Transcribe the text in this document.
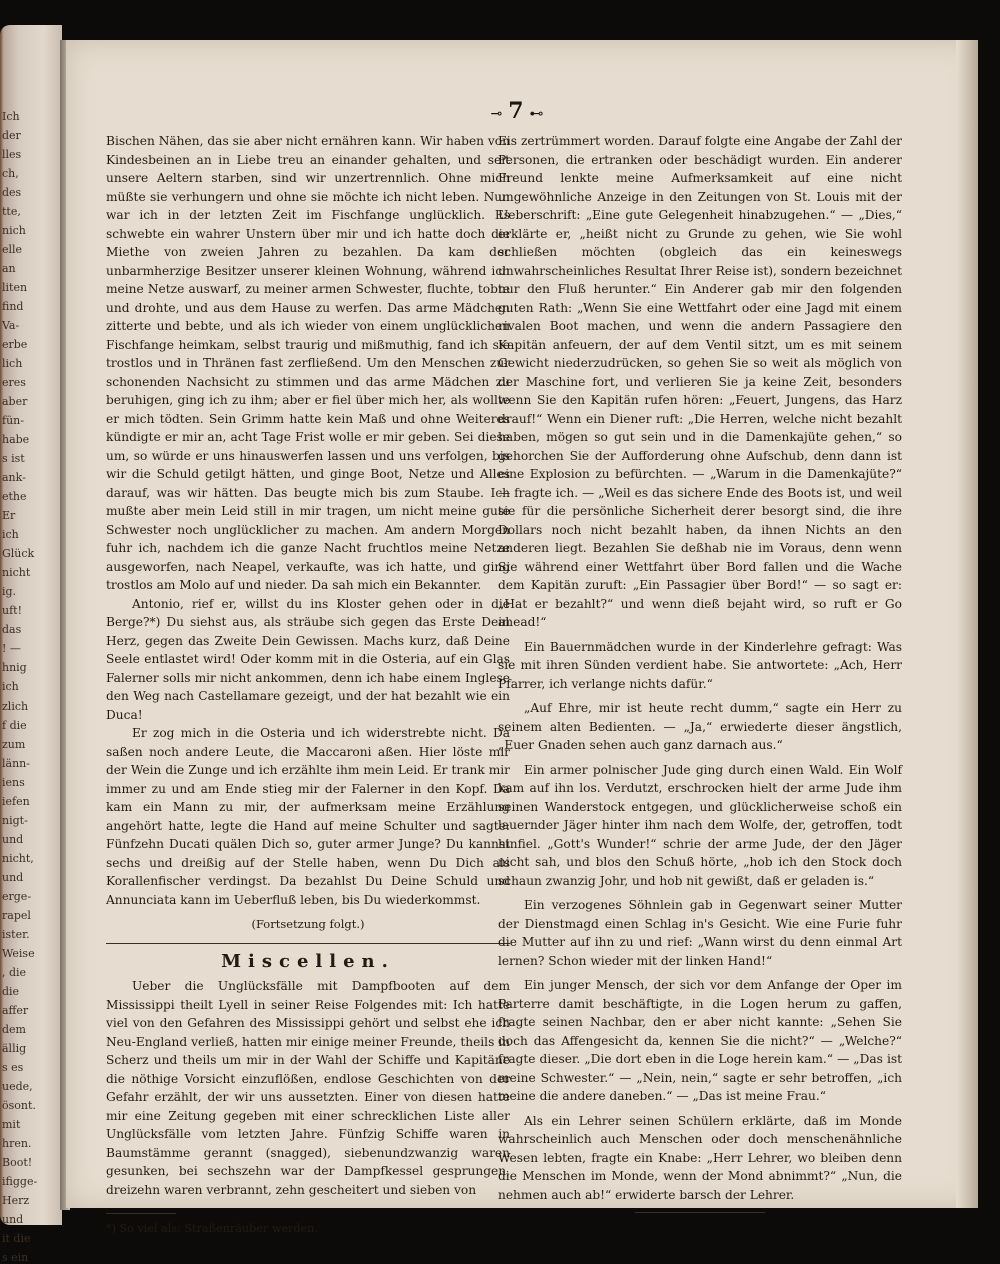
Ich
der
lles
ch,
des
tte,
nich
elle
an
liten
find
Va-
erbe
lich
eres
aber
fün-
habe
s ist
ank-
ethe
Er
ich
Glück
nicht
ig.
uft!
das
! —
hnig
ich
zlich
f die
zum
länn-
iens
iefen
nigt-
und
nicht,
und
erge-
rapel
ister.
Weise
, die
die
affer
dem
ällig
s es
uede,
ösont.
mit
hren.
Boot!
ifigge-
Herz
und
it die
s ein
⊸ 7 ⊷

Bischen Nähen, das sie aber nicht ernähren kann. Wir haben von Kindesbeinen an in Liebe treu an einander gehalten, und seit unsere Aeltern starben, sind wir unzertrennlich. Ohne mich müßte sie verhungern und ohne sie möchte ich nicht leben. Nun war ich in der letzten Zeit im Fischfange unglücklich. Es schwebte ein wahrer Unstern über mir und ich hatte doch die Miethe von zweien Jahren zu bezahlen. Da kam der unbarmherzige Besitzer unserer kleinen Wohnung, während ich meine Netze auswarf, zu meiner armen Schwester, fluchte, tobte und drohte, und aus dem Hause zu werfen. Das arme Mädchen zitterte und bebte, und als ich wieder von einem unglücklichen Fischfange heimkam, selbst traurig und mißmuthig, fand ich sie trostlos und in Thränen fast zerfließend. Um den Menschen zur schonenden Nachsicht zu stimmen und das arme Mädchen zu beruhigen, ging ich zu ihm; aber er fiel über mich her, als wollte er mich tödten. Sein Grimm hatte kein Maß und ohne Weiteres kündigte er mir an, acht Tage Frist wolle er mir geben. Sei diese um, so würde er uns hinauswerfen lassen und uns verfolgen, bis wir die Schuld getilgt hätten, und ginge Boot, Netze und Alles darauf, was wir hätten. Das beugte mich bis zum Staube. Ich mußte aber mein Leid still in mir tragen, um nicht meine gute Schwester noch unglücklicher zu machen. Am andern Morgen fuhr ich, nachdem ich die ganze Nacht fruchtlos meine Netze ausgeworfen, nach Neapel, verkaufte, was ich hatte, und ging trostlos am Molo auf und nieder. Da sah mich ein Bekannter.

Antonio, rief er, willst du ins Kloster gehen oder in die Berge?*) Du siehst aus, als sträube sich gegen das Erste Dein Herz, gegen das Zweite Dein Gewissen. Machs kurz, daß Deine Seele entlastet wird! Oder komm mit in die Osteria, auf ein Glas Falerner solls mir nicht ankommen, denn ich habe einem Inglese den Weg nach Castellamare gezeigt, und der hat bezahlt wie ein Duca!

Er zog mich in die Osteria und ich widerstrebte nicht. Da saßen noch andere Leute, die Maccaroni aßen. Hier löste mir der Wein die Zunge und ich erzählte ihm mein Leid. Er trank mir immer zu und am Ende stieg mir der Falerner in den Kopf. Da kam ein Mann zu mir, der aufmerksam meine Erzählung angehört hatte, legte die Hand auf meine Schulter und sagte: Fünfzehn Ducati quälen Dich so, guter armer Junge? Du kannst sechs und dreißig auf der Stelle haben, wenn Du Dich als Korallenfischer verdingst. Da bezahlst Du Deine Schuld und Annunciata kann im Ueberfluß leben, bis Du wiederkommst.

(Fortsetzung folgt.)

Miscellen.

Ueber die Unglücksfälle mit Dampfbooten auf dem Mississippi theilt Lyell in seiner Reise Folgendes mit: Ich hatte viel von den Gefahren des Mississippi gehört und selbst ehe ich Neu-England verließ, hatten mir einige meiner Freunde, theils in Scherz und theils um mir in der Wahl der Schiffe und Kapitäne die nöthige Vorsicht einzuflößen, endlose Geschichten von der Gefahr erzählt, der wir uns aussetzten. Einer von diesen hatte mir eine Zeitung gegeben mit einer schrecklichen Liste aller Unglücksfälle vom letzten Jahre. Fünfzig Schiffe waren in Baumstämme gerannt (snagged), siebenundzwanzig waren gesunken, bei sechszehn war der Dampfkessel gesprungen, dreizehn waren verbrannt, zehn gescheitert und sieben von

*) So viel als: Straßenräuber werden.

Eis zertrümmert worden. Darauf folgte eine Angabe der Zahl der Personen, die ertranken oder beschädigt wurden. Ein anderer Freund lenkte meine Aufmerksamkeit auf eine nicht ungewöhnliche Anzeige in den Zeitungen von St. Louis mit der Ueberschrift: „Eine gute Gelegenheit hinabzugehen.“ — „Dies,“ erklärte er, „heißt nicht zu Grunde zu gehen, wie Sie wohl schließen möchten (obgleich das ein keineswegs unwahrscheinliches Resultat Ihrer Reise ist), sondern bezeichnet nur den Fluß herunter.“ Ein Anderer gab mir den folgenden guten Rath: „Wenn Sie eine Wettfahrt oder eine Jagd mit einem rivalen Boot machen, und wenn die andern Passagiere den Kapitän anfeuern, der auf dem Ventil sitzt, um es mit seinem Gewicht niederzudrücken, so gehen Sie so weit als möglich von der Maschine fort, und verlieren Sie ja keine Zeit, besonders wenn Sie den Kapitän rufen hören: „Feuert, Jungens, das Harz drauf!“ Wenn ein Diener ruft: „Die Herren, welche nicht bezahlt haben, mögen so gut sein und in die Damenkajüte gehen,“ so gehorchen Sie der Aufforderung ohne Aufschub, denn dann ist eine Explosion zu befürchten. — „Warum in die Damenkajüte?“ — fragte ich. — „Weil es das sichere Ende des Boots ist, und weil sie für die persönliche Sicherheit derer besorgt sind, die ihre Dollars noch nicht bezahlt haben, da ihnen Nichts an den anderen liegt. Bezahlen Sie deßhab nie im Voraus, denn wenn Sie während einer Wettfahrt über Bord fallen und die Wache dem Kapitän zuruft: „Ein Passagier über Bord!“ — so sagt er: „Hat er bezahlt?“ und wenn dieß bejaht wird, so ruft er Go ahead!“

Ein Bauernmädchen wurde in der Kinderlehre gefragt: Was sie mit ihren Sünden verdient habe. Sie antwortete: „Ach, Herr Pfarrer, ich verlange nichts dafür.“

„Auf Ehre, mir ist heute recht dumm,“ sagte ein Herr zu seinem alten Bedienten. — „Ja,“ erwiederte dieser ängstlich, „Euer Gnaden sehen auch ganz darnach aus.“

Ein armer polnischer Jude ging durch einen Wald. Ein Wolf kam auf ihn los. Verdutzt, erschrocken hielt der arme Jude ihm seinen Wanderstock entgegen, und glücklicherweise schoß ein lauernder Jäger hinter ihm nach dem Wolfe, der, getroffen, todt hinfiel. „Gott's Wunder!“ schrie der arme Jude, der den Jäger nicht sah, und blos den Schuß hörte, „hob ich den Stock doch schaun zwanzig Johr, und hob nit gewißt, daß er geladen is.“

Ein verzogenes Söhnlein gab in Gegenwart seiner Mutter der Dienstmagd einen Schlag in's Gesicht. Wie eine Furie fuhr die Mutter auf ihn zu und rief: „Wann wirst du denn einmal Art lernen? Schon wieder mit der linken Hand!“

Ein junger Mensch, der sich vor dem Anfange der Oper im Parterre damit beschäftigte, in die Logen herum zu gaffen, fragte seinen Nachbar, den er aber nicht kannte: „Sehen Sie doch das Affengesicht da, kennen Sie die nicht?“ — „Welche?“ fragte dieser. „Die dort eben in die Loge herein kam.“ — „Das ist meine Schwester.“ — „Nein, nein,“ sagte er sehr betroffen, „ich meine die andere daneben.“ — „Das ist meine Frau.“

Als ein Lehrer seinen Schülern erklärte, daß im Monde wahrscheinlich auch Menschen oder doch menschenähnliche Wesen lebten, fragte ein Knabe: „Herr Lehrer, wo bleiben denn die Menschen im Monde, wenn der Mond abnimmt?“ „Nun, die nehmen auch ab!“ erwiderte barsch der Lehrer.
